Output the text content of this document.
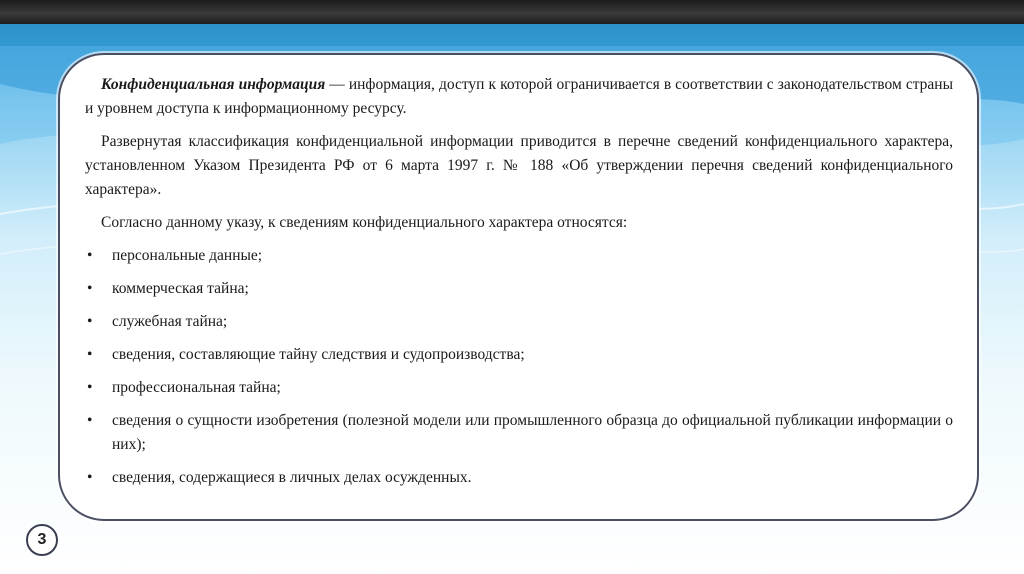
Конфиденциальная информация — информация, доступ к которой ограничивается в соответствии с законодательством страны и уровнем доступа к информационному ресурсу.

Развернутая классификация конфиденциальной информации приводится в перечне сведений конфиденциального характера, установленном Указом Президента РФ от 6 марта 1997 г. № 188 «Об утверждении перечня сведений конфиденциального характера».

Согласно данному указу, к сведениям конфиденциального характера относятся:

• персональные данные;
• коммерческая тайна;
• служебная тайна;
• сведения, составляющие тайну следствия и судопроизводства;
• профессиональная тайна;
• сведения о сущности изобретения (полезной модели или промышленного образца до официальной публикации информации о них);
• сведения, содержащиеся в личных делах осужденных.
3
